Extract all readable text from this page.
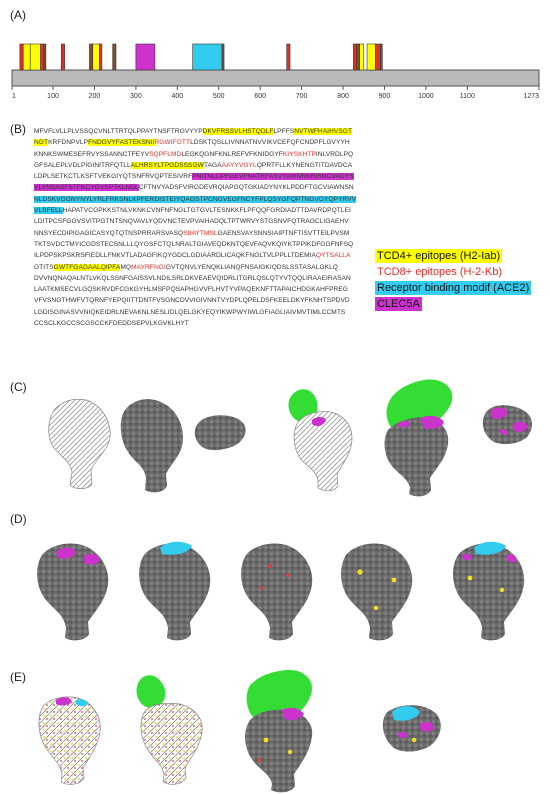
(A)
(B)
(C)
(D)
(E)
1	100	200	300	400	500	600	700	800	900	1000	1100	1273
MFVFLVLLPLVSSQCVNLTTRTQLPPAYTNSFTRGVYYPDKVFRSSVLHSTQDLFLPFFSNVTWFHAIHVSGT
NGTKRFDNPVLPFNDGVYFASTEKSNIIRGWIFGTTLDSKTQSLLIVNNATNVVIKVCEFQFCNDPFLGVYYH
KNNKSWMESEFRVYSSANNCTFEYVSQPFLMDLEGKQGNFKNLREFVFKNIDGYFKIYSKHTPINLVRDLPQ
GFSALEPLVDLPIGINITRFQTLLALHRSYLTPGDSSSGWTAGAAAYYVGYLQPRTFLLKYNENGTITDAVDCA
LDPLSETKCTLKSFTVEKGIYQTSNFRVQPTESIVRFPNITNLCPFGEVFNATRFASVYAWNRKRISNCVADYS
VLYNSASFSTFKCYGVSPTKLNDLCFTNVYADSFVIRGDEVRQIAPGQTGKIADYNYKLPDDFTGCVIAWNSN
NLDSKVGGNYNYLYRLFRKSNLKPFERDISTEIYQAGSTPCNGVEGFNCYFPLQSYGFQPTNGVGYQPYRVV
VLSFELLHAPATVCGPKKSTNLVKNKCVNFNFNGLTGTGVLTESNKKFLPFQQFGRDIADTTDAVRDPQTLEI
LDITPCSFGGVSVITPGTNTSNQVAVLYQDVNCTEVPVAIHADQLTPTWRVYSTGSNVFQTRAGCLIGAEHV
NNSYECDIPIGAGICASYQTQTNSPRRARSVASQSIIAYTMSLGAENSVAYSNNSIAIPTNFTISVTTEILPVSM
TKTSVDCTMYICGDSTECSNLLLQYGSFCTQLNRALTGIAVEQDKNTQEVFAQVKQIYKTPPIKDFGGFNFSQ
ILPDPSKPSKRSFIEDLLFNKVTLADAGFIKQYGDCLGDIAARDLICAQKFNGLTVLPPLLTDEMIAQYTSALLA
GTITSGWTFGAGAALQIPFAMQMAYRFNGIGVTQNVLYENQKLIANQFNSAIGKIQDSLSSTASALGKLQ
DVVNQNAQALNTLVKQLSSNFGAISSVLNDILSRLDKVEAEVQIDRLITGRLQSLQTYVTQQLIRAAEIRASAN
LAATKMSECVLGQSKRVDFCGKGYHLMSFPQSAPHGVVFLHVTYVPAQEKNFTTAPAICHDGKAHFPREG
VFVSNGTHWFVTQRNFYEPQIITTDNTFVSGNCDVVIGIVNNTVYDPLQPELDSFKEELDKYFKNHTSPDVD
LGDISGINASVVNIQKEIDRLNEVAKNLNESLIDLQELGKYEQYIKWPWYIWLGFIAGLIAIVMVTIMLCCMTS
CCSCLKGCCSCGSCCKFDEDDSEPVLKGVKLHYT
TCD4+ epitopes (H2-Iab)
TCD8+ epitopes (H-2-Kb)
Receptor binding modif (ACE2)
CLEC5A
